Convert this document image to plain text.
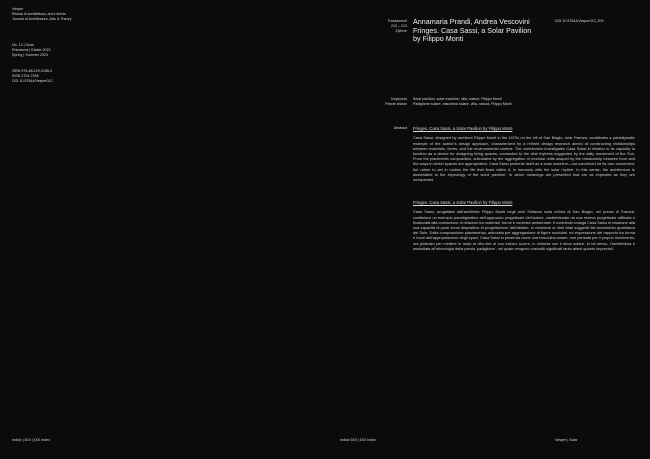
Vesper
Rivista di architettura, arti e teoria
Journal of Architecture, Arts & Theory
No. 12 | Solar
Primavera | Estate 2023
Spring | Summer 2023
ISBN 978-88-229-0186-0
ISSN 2704-7598
DOI 10.57644/Vesper012
Fondamenti
210 – 213
Zyflexe
Annamaria Prandi, Andrea Vescovini
Fringes. Casa Sassi, a Solar Pavilion
by Filippo Monti
DOI 10.57644/Vesper012_209
Keywords
Parole chiave
Solar pavilion, solar machine, villa, nature, Filippo Monti
Padiglione solare, macchina solare, villa, natura, Filippo Monti
Abstract Fringes. Casa Sassi, a Solar Pavilion by Filippo Monti
Casa Sassi, designed by architect Filippo Monti in the 1970s on the hill of San Biagio, near Faenza, constitutes a paradigmatic example of the author’s design approach, characterized by a refined design research aimed at constructing relationships between materials, forms, and the environmental context. The contribution investigates Casa Sassi in relation to its capacity to function as a device for designing living spaces, connected to the vital rhythms suggested by the daily movement of the Sun. From the planimetric composition, articulated by the aggregation of modular units shaped by the relationship between form and the ways in which spaces are appropriated, Casa Sassi presents itself as a solar machine—not conceived for its own movement, but rather to set in motion the life that flows within it, in harmony with the solar rhythm. In this sense, the architecture is assimilated to the etymology of the word ‘pavilion’, in which meanings are presented that are as expected as they are unexpected.
Fringes. Casa Sassi, a Solar Pavilion by Filippo Monti
Casa Sassi, progettata dall’architetto Filippo Monti negli anni Settanta sulla collina di San Biagio, nei pressi di Faenza, costituisce un esempio paradigmatico dell’approccio progettuale dell’autore, caratterizzato da una ricerca progettuale raffinata e finalizzata alla costruzione di relazioni tra materiali, forme e contesto ambientale. Il contributo indaga Casa Sassi in relazione alla sua capacità di porsi come dispositivo di progettazione dell’abitare, in relazione ai ritmi vitali suggeriti dal movimento quotidiano del Sole. Dalla composizione planimetrica, articolata per aggregazione di figure modulari, ed espressione del rapporto tra forma e modi dell’appropriazione degli spazi, Casa Sassi si presenta come una macchina solare, non pensata per il proprio movimento, ma piuttosto per mettere in moto la vita che al suo interno scorre, in sintonia con il ritmo solare. In tal senso, l’architettura è assimilata all’etimologia della parola ‘padiglione’, nel quale vengono custoditi significati tanto attesi quanto imprevisti.
Indice | DOI | DOI Index	Indice DOI | DOI Index	Vesper | Solar
